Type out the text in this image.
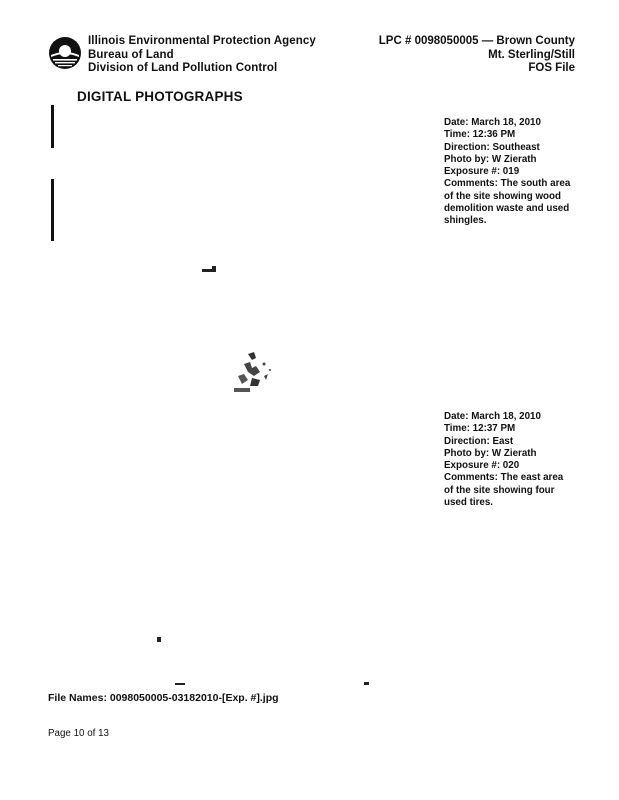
Illinois Environmental Protection Agency
Bureau of Land
Division of Land Pollution Control
LPC # 0098050005 — Brown County
Mt. Sterling/Still
FOS File
DIGITAL PHOTOGRAPHS
Date: March 18, 2010
Time: 12:36 PM
Direction: Southeast
Photo by: W Zierath
Exposure #: 019
Comments: The south area of the site showing wood demolition waste and used shingles.
Date: March 18, 2010
Time: 12:37 PM
Direction: East
Photo by: W Zierath
Exposure #: 020
Comments: The east area of the site showing four used tires.
File Names: 0098050005-03182010-[Exp. #].jpg
Page 10 of 13
